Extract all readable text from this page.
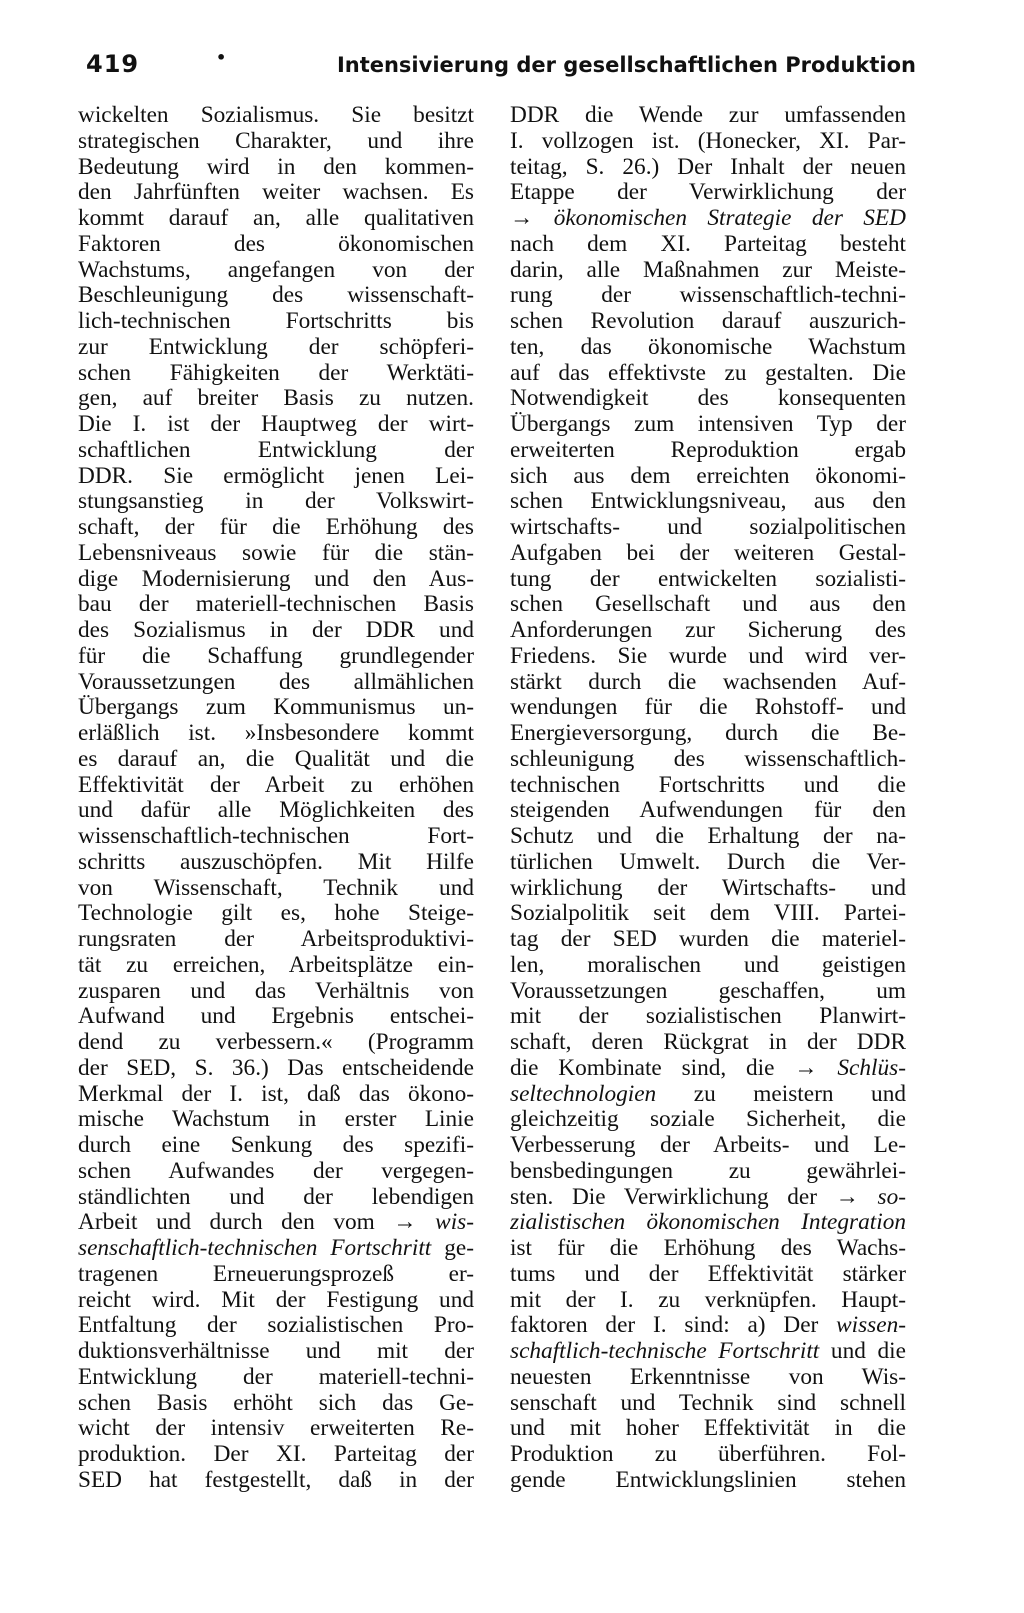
419	•	Intensivierung der gesellschaftlichen Produktion
wickelten Sozialismus. Sie besitzt
strategischen Charakter, und ihre
Bedeutung wird in den kommen-
den Jahrfünften weiter wachsen. Es
kommt darauf an, alle qualitativen
Faktoren des ökonomischen
Wachstums, angefangen von der
Beschleunigung des wissenschaft-
lich-technischen Fortschritts bis
zur Entwicklung der schöpferi-
schen Fähigkeiten der Werktäti-
gen, auf breiter Basis zu nutzen.
Die I. ist der Hauptweg der wirt-
schaftlichen Entwicklung der
DDR. Sie ermöglicht jenen Lei-
stungsanstieg in der Volkswirt-
schaft, der für die Erhöhung des
Lebensniveaus sowie für die stän-
dige Modernisierung und den Aus-
bau der materiell-technischen Basis
des Sozialismus in der DDR und
für die Schaffung grundlegender
Voraussetzungen des allmählichen
Übergangs zum Kommunismus un-
erläßlich ist. »Insbesondere kommt
es darauf an, die Qualität und die
Effektivität der Arbeit zu erhöhen
und dafür alle Möglichkeiten des
wissenschaftlich-technischen Fort-
schritts auszuschöpfen. Mit Hilfe
von Wissenschaft, Technik und
Technologie gilt es, hohe Steige-
rungsraten der Arbeitsproduktivi-
tät zu erreichen, Arbeitsplätze ein-
zusparen und das Verhältnis von
Aufwand und Ergebnis entschei-
dend zu verbessern.« (Programm
der SED, S. 36.) Das entscheidende
Merkmal der I. ist, daß das ökono-
mische Wachstum in erster Linie
durch eine Senkung des spezifi-
schen Aufwandes der vergegen-
ständlichten und der lebendigen
Arbeit und durch den vom → wis-
senschaftlich-technischen Fortschritt ge-
tragenen Erneuerungsprozeß er-
reicht wird. Mit der Festigung und
Entfaltung der sozialistischen Pro-
duktionsverhältnisse und mit der
Entwicklung der materiell-techni-
schen Basis erhöht sich das Ge-
wicht der intensiv erweiterten Re-
produktion. Der XI. Parteitag der
SED hat festgestellt, daß in der
DDR die Wende zur umfassenden
I. vollzogen ist. (Honecker, XI. Par-
teitag, S. 26.) Der Inhalt der neuen
Etappe der Verwirklichung der
→ ökonomischen Strategie der SED
nach dem XI. Parteitag besteht
darin, alle Maßnahmen zur Meiste-
rung der wissenschaftlich-techni-
schen Revolution darauf auszurich-
ten, das ökonomische Wachstum
auf das effektivste zu gestalten. Die
Notwendigkeit des konsequenten
Übergangs zum intensiven Typ der
erweiterten Reproduktion ergab
sich aus dem erreichten ökonomi-
schen Entwicklungsniveau, aus den
wirtschafts- und sozialpolitischen
Aufgaben bei der weiteren Gestal-
tung der entwickelten sozialisti-
schen Gesellschaft und aus den
Anforderungen zur Sicherung des
Friedens. Sie wurde und wird ver-
stärkt durch die wachsenden Auf-
wendungen für die Rohstoff- und
Energieversorgung, durch die Be-
schleunigung des wissenschaftlich-
technischen Fortschritts und die
steigenden Aufwendungen für den
Schutz und die Erhaltung der na-
türlichen Umwelt. Durch die Ver-
wirklichung der Wirtschafts- und
Sozialpolitik seit dem VIII. Partei-
tag der SED wurden die materiel-
len, moralischen und geistigen
Voraussetzungen geschaffen, um
mit der sozialistischen Planwirt-
schaft, deren Rückgrat in der DDR
die Kombinate sind, die → Schlüs-
seltechnologien zu meistern und
gleichzeitig soziale Sicherheit, die
Verbesserung der Arbeits- und Le-
bensbedingungen zu gewährlei-
sten. Die Verwirklichung der → so-
zialistischen ökonomischen Integration
ist für die Erhöhung des Wachs-
tums und der Effektivität stärker
mit der I. zu verknüpfen. Haupt-
faktoren der I. sind: a) Der wissen-
schaftlich-technische Fortschritt und die
neuesten Erkenntnisse von Wis-
senschaft und Technik sind schnell
und mit hoher Effektivität in die
Produktion zu überführen. Fol-
gende Entwicklungslinien stehen
